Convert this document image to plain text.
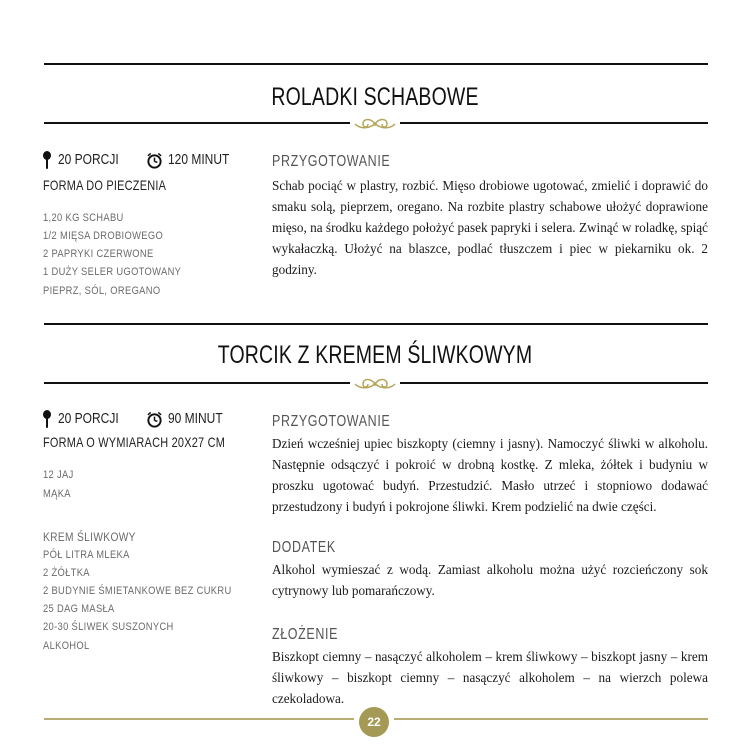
ROLADKI SCHABOWE
20 PORCJI	120 MINUT
FORMA DO PIECZENIA
1,20 KG SCHABU
1/2 MIĘSA DROBIOWEGO
2 PAPRYKI CZERWONE
1 DUŻY SELER UGOTOWANY
PIEPRZ, SÓL, OREGANO
PRZYGOTOWANIE
Schab pociąć w plastry, rozbić. Mięso drobiowe ugotować, zmielić i doprawić do smaku solą, pieprzem, oregano. Na rozbite plastry schabowe ułożyć doprawione mięso, na środku każdego położyć pasek papryki i selera. Zwinąć w roladkę, spiąć wykałaczką. Ułożyć na blaszce, podlać tłuszczem i piec w piekarniku ok. 2 godziny.
TORCIK Z KREMEM ŚLIWKOWYM
20 PORCJI	90 MINUT
FORMA O WYMIARACH 20X27 CM
12 JAJ
MĄKA
KREM ŚLIWKOWY
PÓŁ LITRA MLEKA
2 ŻÓŁTKA
2 BUDYNIE ŚMIETANKOWE BEZ CUKRU
25 DAG MASŁA
20-30 ŚLIWEK SUSZONYCH
ALKOHOL
PRZYGOTOWANIE
Dzień wcześniej upiec biszkopty (ciemny i jasny). Namoczyć śliwki w alkoholu. Następnie odsączyć i pokroić w drobną kostkę. Z mleka, żółtek i budyniu w proszku ugotować budyń. Przestudzić. Masło utrzeć i stopniowo dodawać przestudzony i budyń i pokrojone śliwki. Krem podzielić na dwie części.
DODATEK
Alkohol wymieszać z wodą. Zamiast alkoholu można użyć rozcieńczony sok cytrynowy lub pomarańczowy.
ZŁOŻENIE
Biszkopt ciemny – nasączyć alkoholem – krem śliwkowy – biszkopt jasny – krem śliwkowy – biszkopt ciemny – nasączyć alkoholem – na wierzch polewa czekoladowa.
22
